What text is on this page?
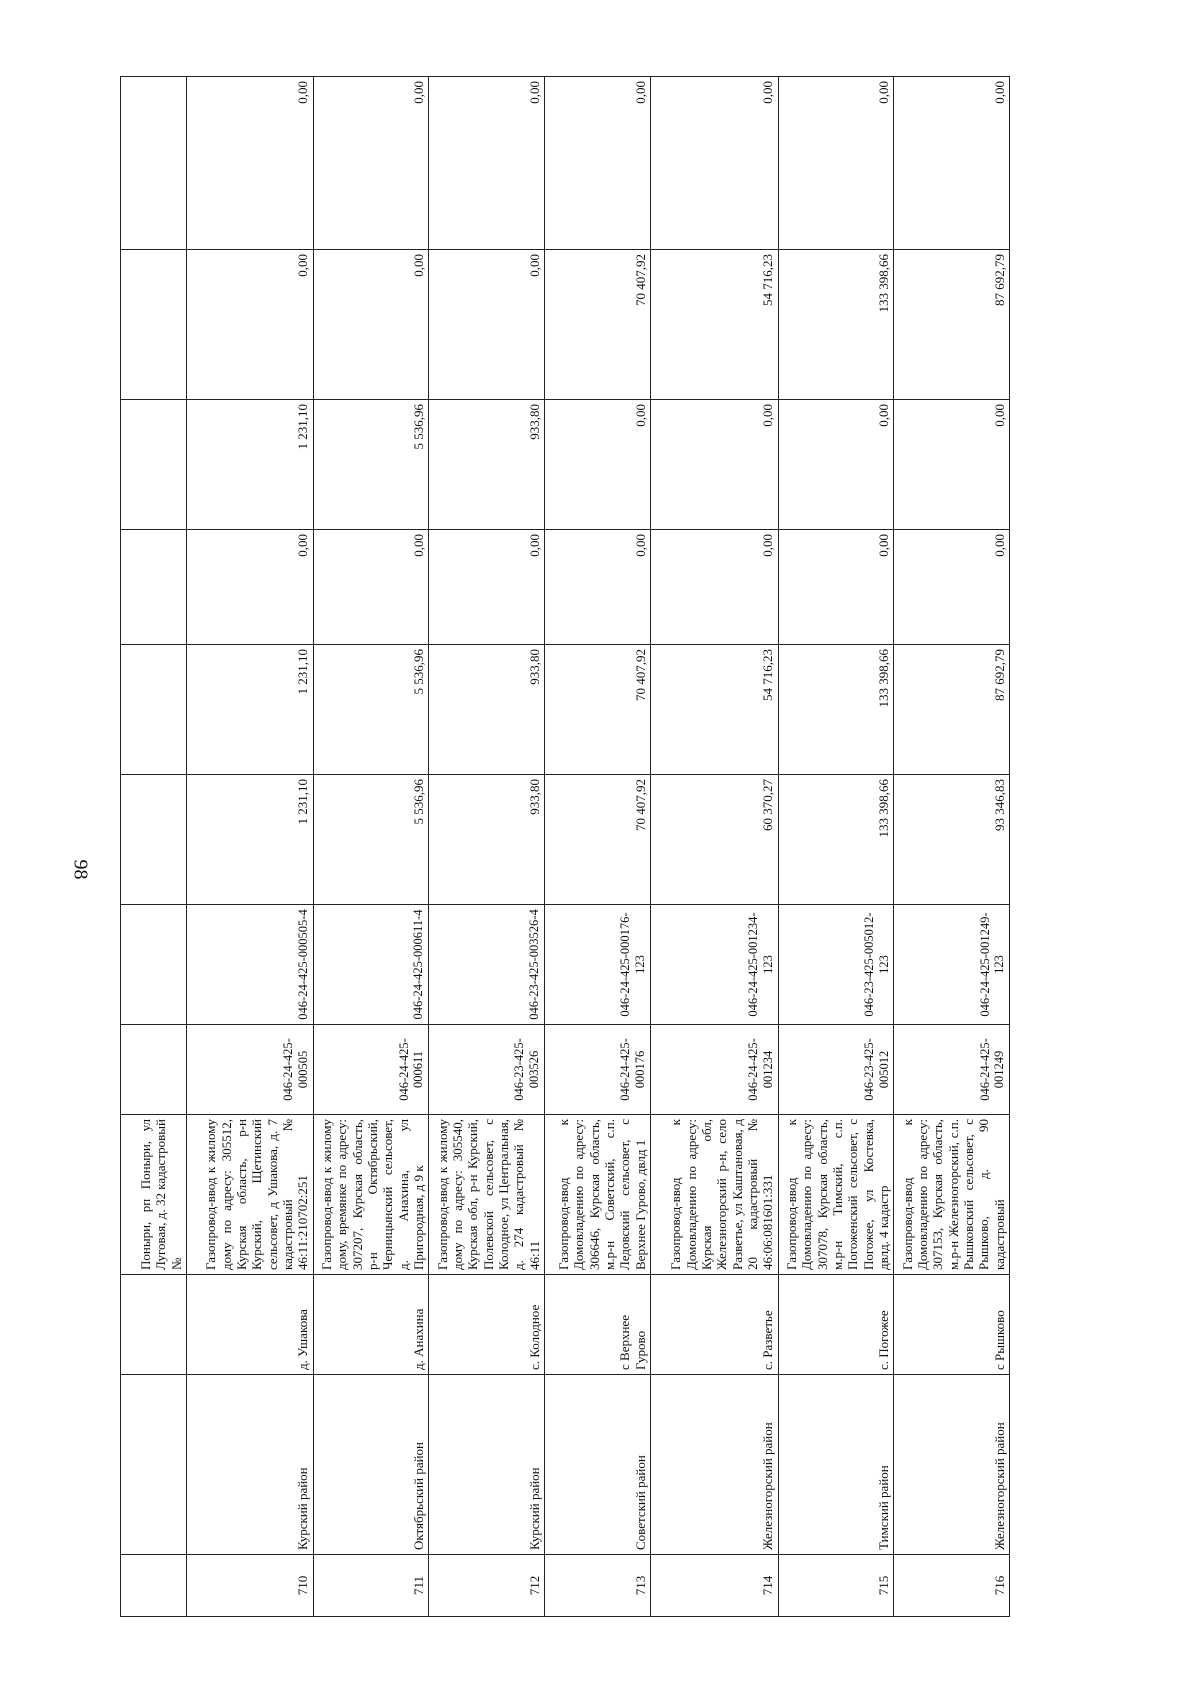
98
			Поныри, рп Поныри, ул Луговая, д. 32 кадастровый №								
710	Курский район	д. Ушакова	Газопровод-ввод к жилому дому по адресу: 305512, Курская область, р-н Курский, Щетинский сельсовет, д Ушакова, д. 7 кадастровый № 46:11:210702:251	046-24-425-000505	046-24-425-000505-4	1 231,10	1 231,10	0,00	1 231,10	0,00	0,00
711	Октябрьский район	д. Анахина	Газопровод-ввод к жилому дому, времянке по адресу: 307207, Курская область, р-н Октябрьский, Черницынский сельсовет, д. Анахина, ул Пригородная, д 9 к	046-24-425-000611	046-24-425-000611-4	5 536,96	5 536,96	0,00	5 536,96	0,00	0,00
712	Курский район	с. Колодное	Газопровод-ввод к жилому дому по адресу: 305540, Курская обл, р-н Курский, Полевской сельсовет, с Колодное, ул Центральная, д. 274 кадастровый № 46:11	046-23-425-003526	046-23-425-003526-4	933,80	933,80	0,00	933,80	0,00	0,00
713	Советский район	с Верхнее Гурово	Газопровод-ввод к Домовладению по адресу: 306646, Курская область, м.р-н Советский, с.п. Ледовский сельсовет, с Верхнее Гурово, двлд 1	046-24-425-000176	046-24-425-000176-123	70 407,92	70 407,92	0,00	0,00	70 407,92	0,00
714	Железногорский район	с. Разветье	Газопровод-ввод к Домовладению по адресу: Курская обл, Железногорский р-н, село Разветье, ул Каштановая, д 20 кадастровый № 46:06:081601:331	046-24-425-001234	046-24-425-001234-123	60 370,27	54 716,23	0,00	0,00	54 716,23	0,00
715	Тимский район	с. Погожее	Газопровод-ввод к Домовладению по адресу: 307078, Курская область, м.р-н Тимский, с.п. Погоженский сельсовет, с Погожее, ул Костевка, двлд. 4 кадастр	046-23-425-005012	046-23-425-005012-123	133 398,66	133 398,66	0,00	0,00	133 398,66	0,00
716	Железногорский район	с Рышково	Газопровод-ввод к Домовладению по адресу: 307153, Курская область, м.р-н Железногорский, с.п. Рышковский сельсовет, с Рышково, д. 90 кадастровый	046-24-425-001249	046-24-425-001249-123	93 346,83	87 692,79	0,00	0,00	87 692,79	0,00
